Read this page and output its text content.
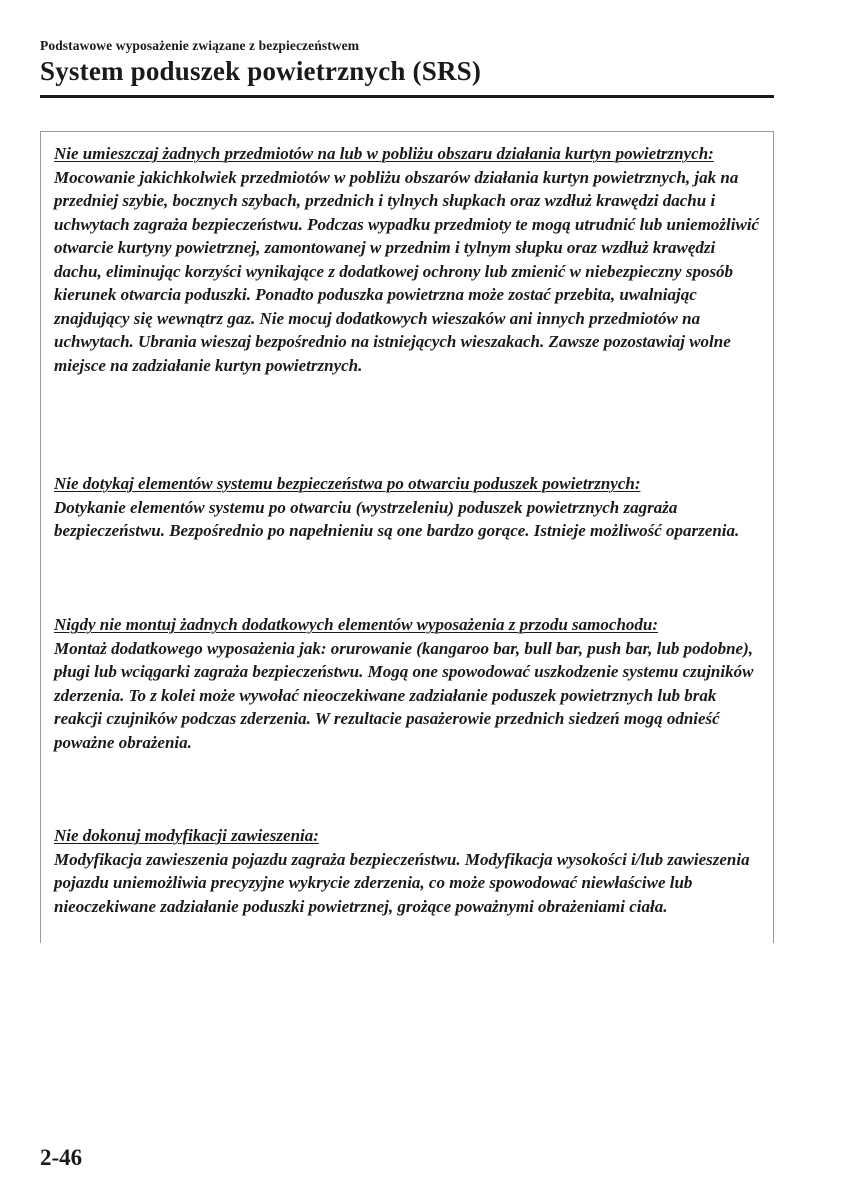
Podstawowe wyposażenie związane z bezpieczeństwem
System poduszek powietrznych (SRS)
Nie umieszczaj żadnych przedmiotów na lub w pobliżu obszaru działania kurtyn powietrznych:
Mocowanie jakichkolwiek przedmiotów w pobliżu obszarów działania kurtyn powietrznych, jak na przedniej szybie, bocznych szybach, przednich i tylnych słupkach oraz wzdłuż krawędzi dachu i uchwytach zagraża bezpieczeństwu. Podczas wypadku przedmioty te mogą utrudnić lub uniemożliwić otwarcie kurtyny powietrznej, zamontowanej w przednim i tylnym słupku oraz wzdłuż krawędzi dachu, eliminując korzyści wynikające z dodatkowej ochrony lub zmienić w niebezpieczny sposób kierunek otwarcia poduszki. Ponadto poduszka powietrzna może zostać przebita, uwalniając znajdujący się wewnątrz gaz. Nie mocuj dodatkowych wieszaków ani innych przedmiotów na uchwytach. Ubrania wieszaj bezpośrednio na istniejących wieszakach. Zawsze pozostawiaj wolne miejsce na zadziałanie kurtyn powietrznych.
Nie dotykaj elementów systemu bezpieczeństwa po otwarciu poduszek powietrznych:
Dotykanie elementów systemu po otwarciu (wystrzeleniu) poduszek powietrznych zagraża bezpieczeństwu. Bezpośrednio po napełnieniu są one bardzo gorące. Istnieje możliwość oparzenia.
Nigdy nie montuj żadnych dodatkowych elementów wyposażenia z przodu samochodu:
Montaż dodatkowego wyposażenia jak: orurowanie (kangaroo bar, bull bar, push bar, lub podobne), pługi lub wciągarki zagraża bezpieczeństwu. Mogą one spowodować uszkodzenie systemu czujników zderzenia. To z kolei może wywołać nieoczekiwane zadziałanie poduszek powietrznych lub brak reakcji czujników podczas zderzenia. W rezultacie pasażerowie przednich siedzeń mogą odnieść poważne obrażenia.
Nie dokonuj modyfikacji zawieszenia:
Modyfikacja zawieszenia pojazdu zagraża bezpieczeństwu. Modyfikacja wysokości i/lub zawieszenia pojazdu uniemożliwia precyzyjne wykrycie zderzenia, co może spowodować niewłaściwe lub nieoczekiwane zadziałanie poduszki powietrznej, grożące poważnymi obrażeniami ciała.
2-46
